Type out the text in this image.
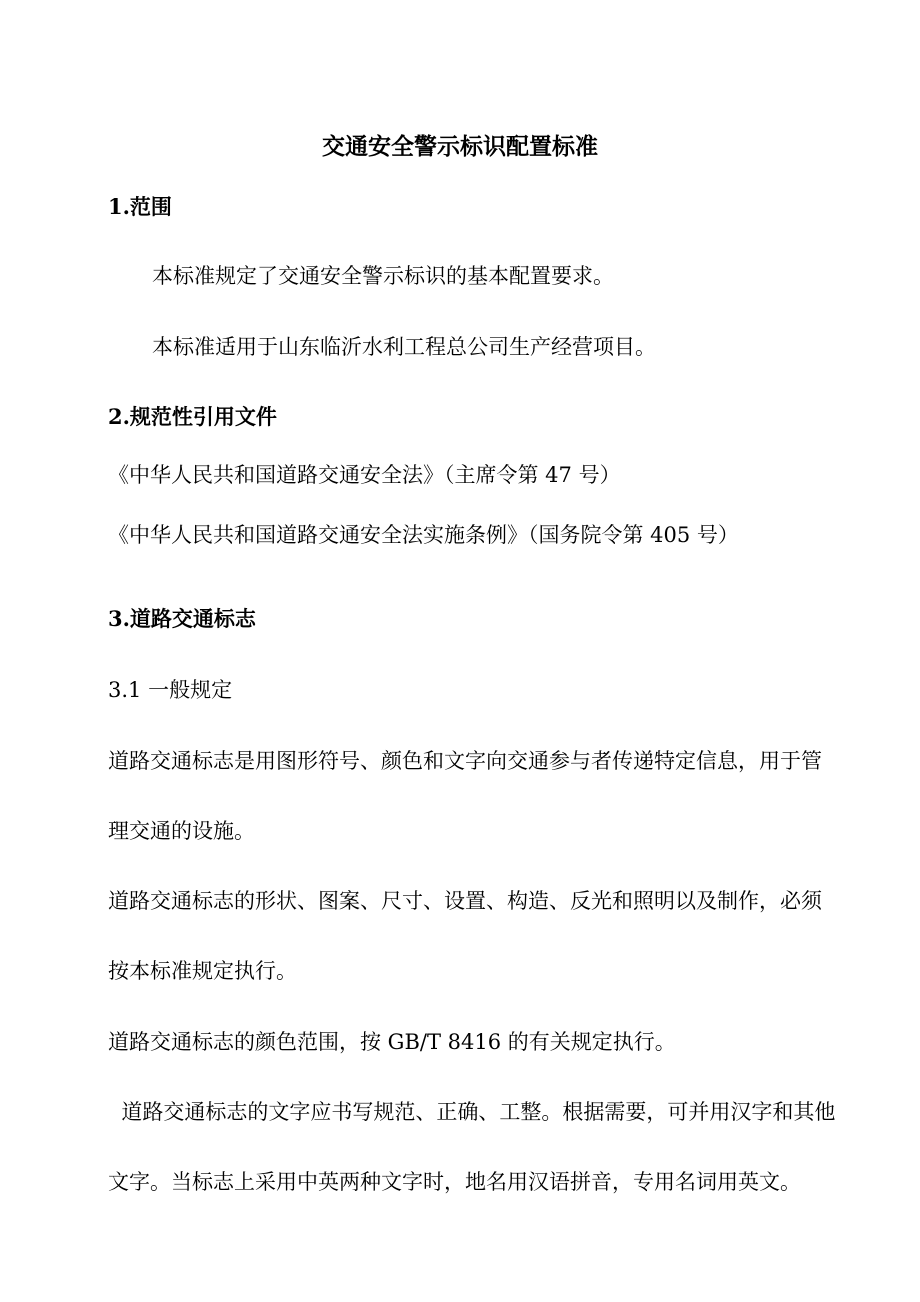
交通安全警示标识配置标准
1.范围
本标准规定了交通安全警示标识的基本配置要求。
本标准适用于山东临沂水利工程总公司生产经营项目。
2.规范性引用文件
《中华人民共和国道路交通安全法》（主席令第 47 号）
《中华人民共和国道路交通安全法实施条例》（国务院令第 405 号）
3.道路交通标志
3.1 一般规定
道路交通标志是用图形符号、颜色和文字向交通参与者传递特定信息，用于管
理交通的设施。
道路交通标志的形状、图案、尺寸、设置、构造、反光和照明以及制作，必须
按本标准规定执行。
道路交通标志的颜色范围，按 GB/T 8416 的有关规定执行。
道路交通标志的文字应书写规范、正确、工整。根据需要，可并用汉字和其他
文字。当标志上采用中英两种文字时，地名用汉语拼音，专用名词用英文。
